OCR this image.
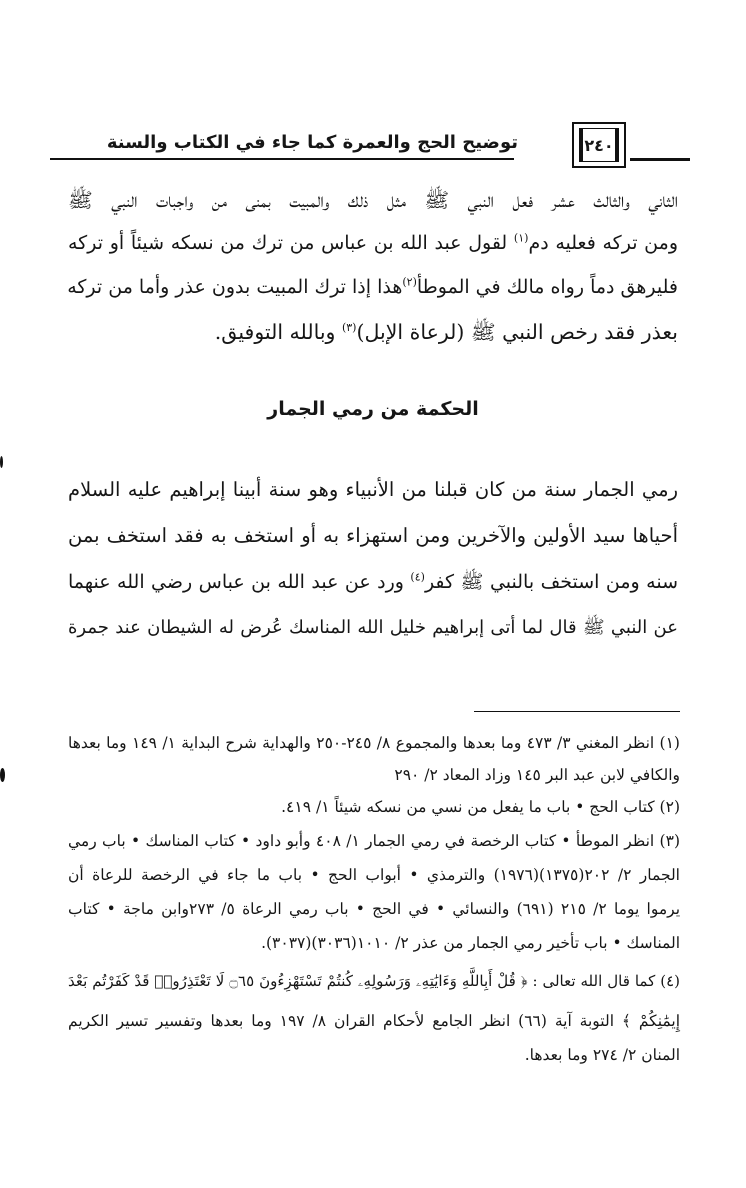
توضيح الحج والعمرة كما جاء في الكتاب والسنة	٢٤٠
الثاني والثالث عشر فعل النبي ﷺ مثل ذلك والمبيت بمنى من واجبات النبي ﷺ
ومن تركه فعليه دم$^{(١)}$ لقول عبد الله بن عباس من ترك من نسكه شيئاً أو تركه
فليرهق دماً رواه مالك في الموطأ$^{(٢)}$هذا إذا ترك المبيت بدون عذر وأما من تركه
بعذر فقد رخص النبي ﷺ (لرعاة الإبل)$^{(٣)}$ وبالله التوفيق.
الحكمة من رمي الجمار
رمي الجمار سنة من كان قبلنا من الأنبياء وهو سنة أبينا إبراهيم عليه السلام
أحياها سيد الأولين والآخرين ومن استهزاء به أو استخف به فقد استخف بمن
سنه ومن استخف بالنبي ﷺ كفر$^{(٤)}$ ورد عن عبد الله بن عباس رضي الله عنهما
عن النبي ﷺ قال لما أتى إبراهيم خليل الله المناسك عُرض له الشيطان عند جمرة
(١) انظر المغني ٣/ ٤٧٣ وما بعدها والمجموع ٨/ ٢٤٥-٢٥٠ والهداية شرح البداية ١/ ١٤٩ وما بعدها
والكافي لابن عبد البر ١٤٥ وزاد المعاد ٢/ ٢٩٠
(٢) كتاب الحج • باب ما يفعل من نسي من نسكه شيئاً ١/ ٤١٩.
(٣) انظر الموطأ • كتاب الرخصة في رمي الجمار ١/ ٤٠٨ وأبو داود • كتاب المناسك • باب رمي
الجمار ٢/ ٢٠٢(١٣٧٥)(١٩٧٦) والترمذي • أبواب الحج • باب ما جاء في الرخصة للرعاة أن
يرموا يوما ٢/ ٢١٥ (٦٩١) والنسائي • في الحج • باب رمي الرعاة ٥/ ٢٧٣وابن ماجة • كتاب
المناسك • باب تأخير رمي الجمار من عذر ٢/ ١٠١٠(٣٠٣٦)(٣٠٣٧).
(٤) كما قال الله تعالى : ﴿ قُلْ أَبِاللَّهِ وَءَايَٰتِهِۦ وَرَسُولِهِۦ كُنتُمْ تَسْتَهْزِءُونَ ۝٦٥ لَا تَعْتَذِرُوا۟ قَدْ كَفَرْتُم بَعْدَ
إِيمَٰنِكُمْ ﴾ التوبة آية (٦٦) انظر الجامع لأحكام القران ٨/ ١٩٧ وما بعدها وتفسير تسير الكريم
المنان ٢/ ٢٧٤ وما بعدها.
